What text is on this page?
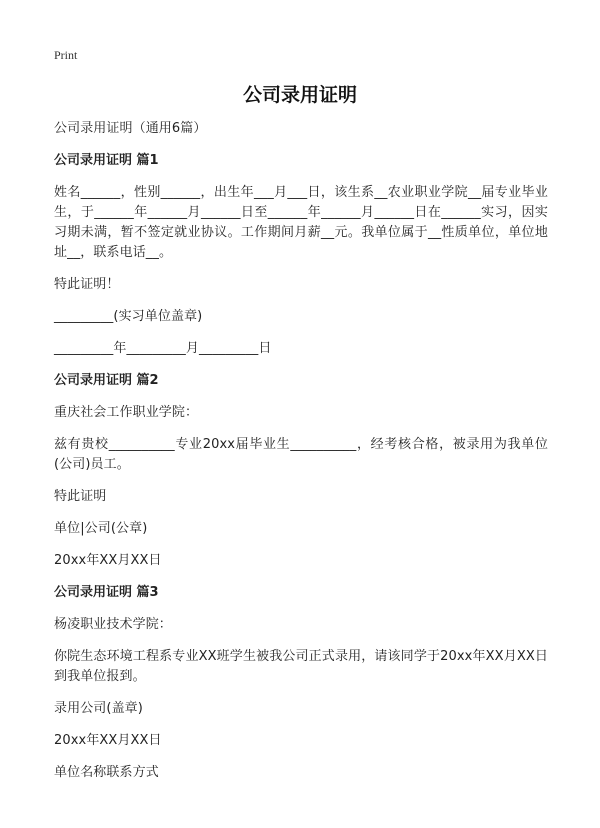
Print
公司录用证明

公司录用证明（通用6篇）

公司录用证明 篇1

姓名______，性别______，出生年___月___日，该生系__农业职业学院__届专业毕业生，于______年______月______日至______年______月______日在______实习，因实习期未满，暂不签定就业协议。工作期间月薪__元。我单位属于__性质单位，单位地址__，联系电话__。

特此证明！

_________(实习单位盖章)

_________年_________月_________日

公司录用证明 篇2

重庆社会工作职业学院：

兹有贵校__________专业20xx届毕业生__________，经考核合格，被录用为我单位(公司)员工。

特此证明

单位|公司(公章)

20xx年XX月XX日

公司录用证明 篇3

杨凌职业技术学院：

你院生态环境工程系专业XX班学生被我公司正式录用，请该同学于20xx年XX月XX日到我单位报到。

录用公司(盖章)

20xx年XX月XX日

单位名称联系方式
